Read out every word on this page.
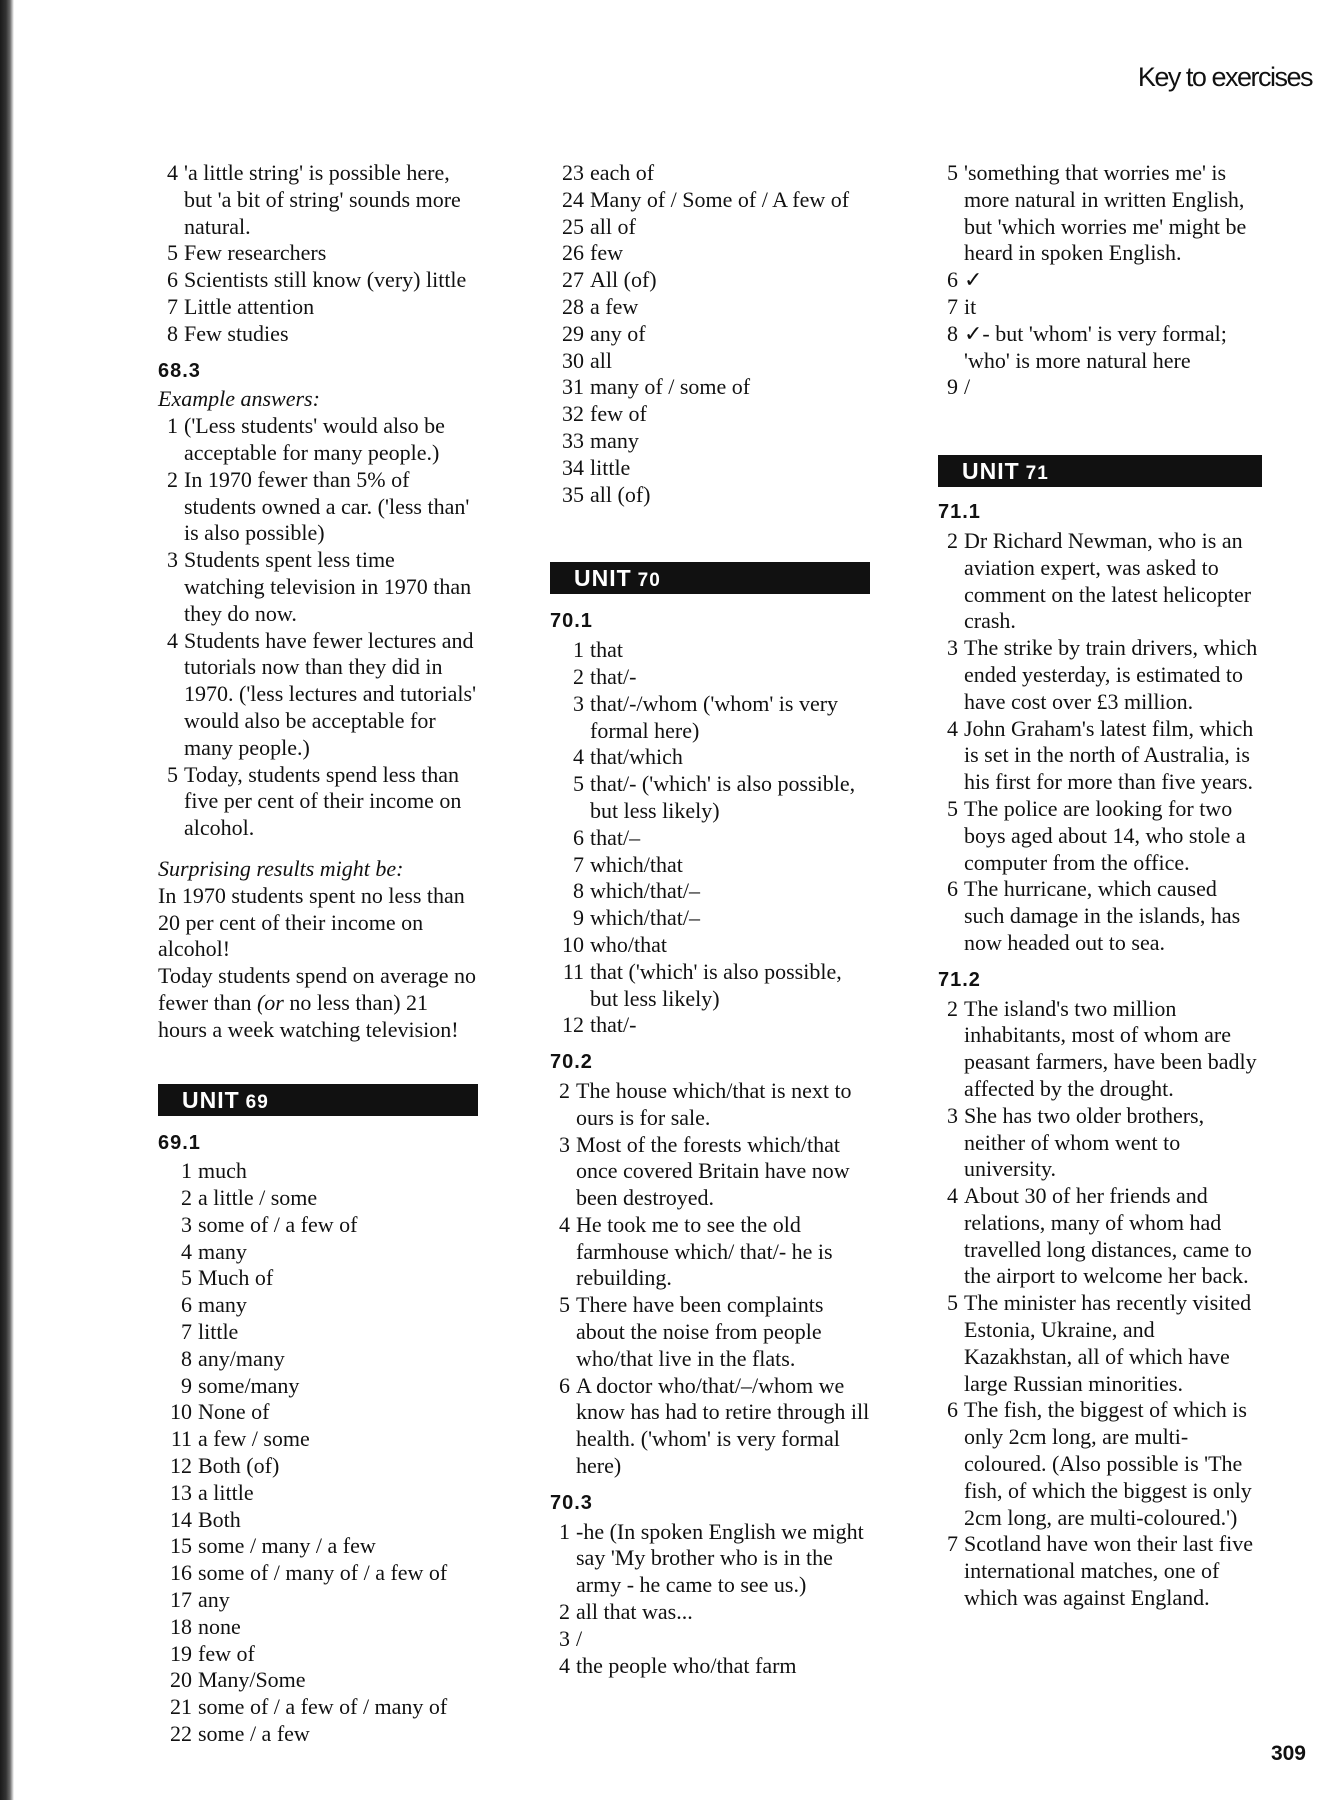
Key to exercises
4 'a little string' is possible here, but 'a bit of string' sounds more natural.
5 Few researchers
6 Scientists still know (very) little
7 Little attention
8 Few studies
68.3
Example answers:
1 ('Less students' would also be acceptable for many people.)
2 In 1970 fewer than 5% of students owned a car. ('less than' is also possible)
3 Students spent less time watching television in 1970 than they do now.
4 Students have fewer lectures and tutorials now than they did in 1970. ('less lectures and tutorials' would also be acceptable for many people.)
5 Today, students spend less than five per cent of their income on alcohol.
Surprising results might be:
In 1970 students spent no less than 20 per cent of their income on alcohol!
Today students spend on average no fewer than (or no less than) 21 hours a week watching television!
UNIT 69
69.1
1 much
2 a little / some
3 some of / a few of
4 many
5 Much of
6 many
7 little
8 any/many
9 some/many
10 None of
11 a few / some
12 Both (of)
13 a little
14 Both
15 some / many / a few
16 some of / many of / a few of
17 any
18 none
19 few of
20 Many/Some
21 some of / a few of / many of
22 some / a few
23 each of
24 Many of / Some of / A few of
25 all of
26 few
27 All (of)
28 a few
29 any of
30 all
31 many of / some of
32 few of
33 many
34 little
35 all (of)
UNIT 70
70.1
1 that
2 that/-
3 that/-/whom ('whom' is very formal here)
4 that/which
5 that/- ('which' is also possible, but less likely)
6 that/–
7 which/that
8 which/that/–
9 which/that/–
10 who/that
11 that ('which' is also possible, but less likely)
12 that/-
70.2
2 The house which/that is next to ours is for sale.
3 Most of the forests which/that once covered Britain have now been destroyed.
4 He took me to see the old farmhouse which/ that/- he is rebuilding.
5 There have been complaints about the noise from people who/that live in the flats.
6 A doctor who/that/–/whom we know has had to retire through ill health. ('whom' is very formal here)
70.3
1 -he (In spoken English we might say 'My brother who is in the army - he came to see us.)
2 all that was...
3 /
4 the people who/that farm
5 'something that worries me' is more natural in written English, but 'which worries me' might be heard in spoken English.
6 ✓
7 it
8 ✓- but 'whom' is very formal; 'who' is more natural here
9 /
UNIT 71
71.1
2 Dr Richard Newman, who is an aviation expert, was asked to comment on the latest helicopter crash.
3 The strike by train drivers, which ended yesterday, is estimated to have cost over £3 million.
4 John Graham's latest film, which is set in the north of Australia, is his first for more than five years.
5 The police are looking for two boys aged about 14, who stole a computer from the office.
6 The hurricane, which caused such damage in the islands, has now headed out to sea.
71.2
2 The island's two million inhabitants, most of whom are peasant farmers, have been badly affected by the drought.
3 She has two older brothers, neither of whom went to university.
4 About 30 of her friends and relations, many of whom had travelled long distances, came to the airport to welcome her back.
5 The minister has recently visited Estonia, Ukraine, and Kazakhstan, all of which have large Russian minorities.
6 The fish, the biggest of which is only 2cm long, are multi-coloured. (Also possible is 'The fish, of which the biggest is only 2cm long, are multi-coloured.')
7 Scotland have won their last five international matches, one of which was against England.
309
